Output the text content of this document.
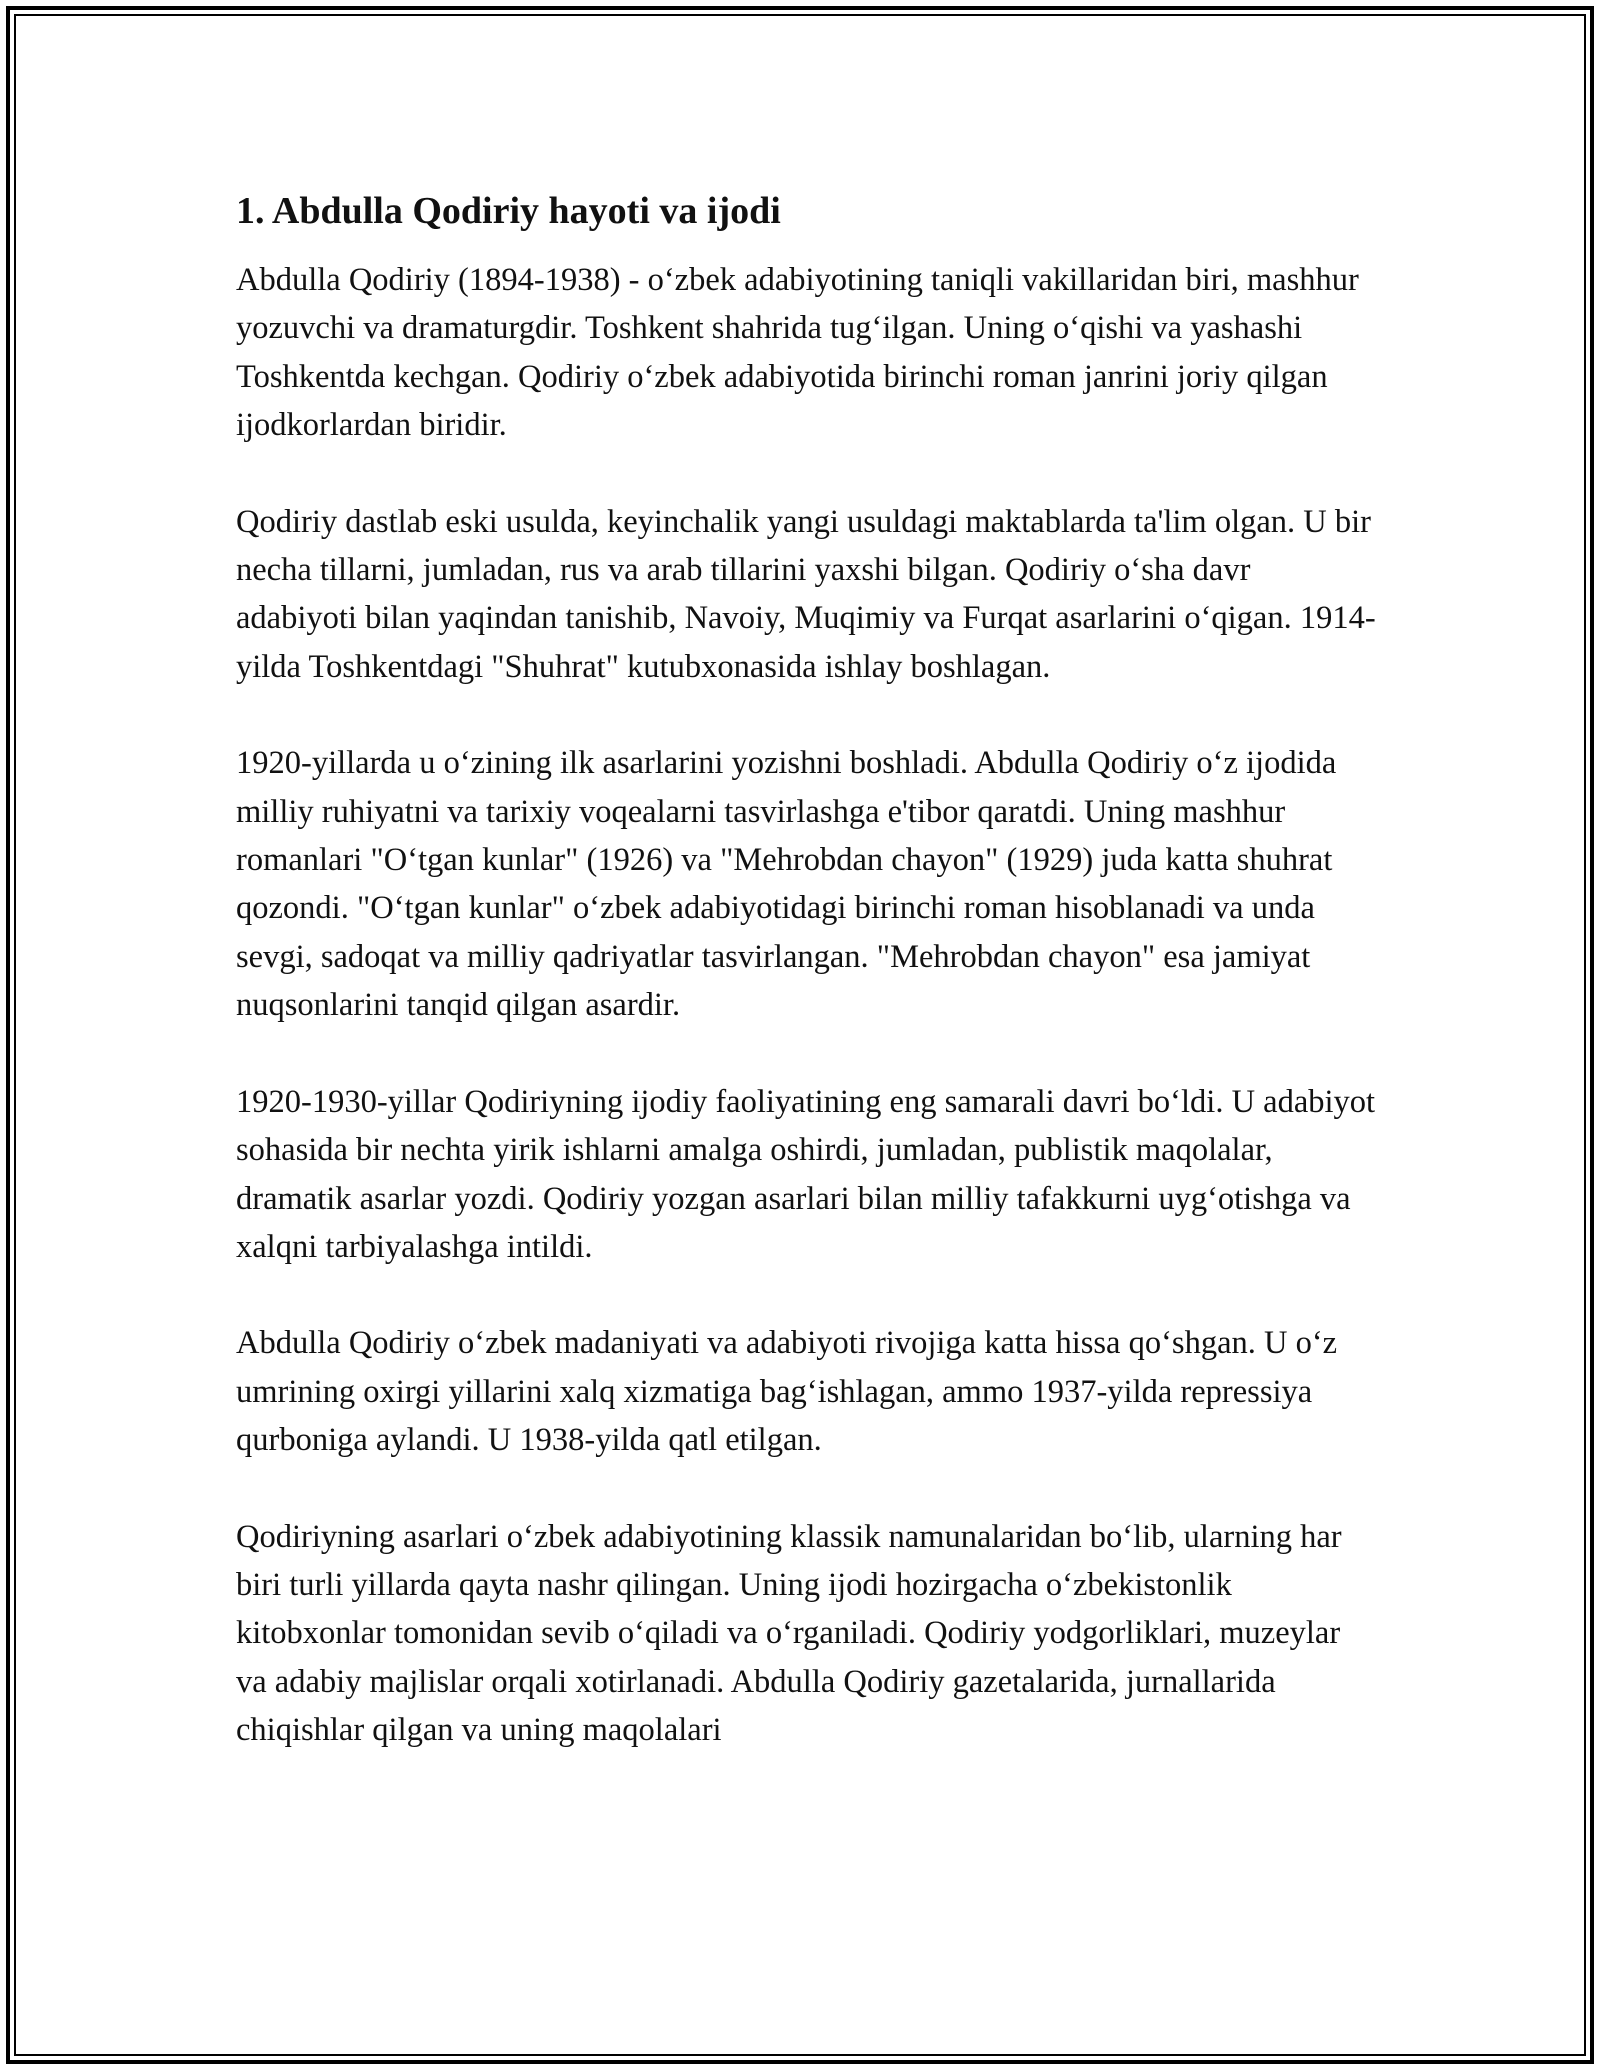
1. Abdulla Qodiriy hayoti va ijodi

Abdulla Qodiriy (1894-1938) - o‘zbek adabiyotining taniqli vakillaridan biri, mashhur yozuvchi va dramaturgdir. Toshkent shahrida tug‘ilgan. Uning o‘qishi va yashashi Toshkentda kechgan. Qodiriy o‘zbek adabiyotida birinchi roman janrini joriy qilgan ijodkorlardan biridir.

Qodiriy dastlab eski usulda, keyinchalik yangi usuldagi maktablarda ta'lim olgan. U bir necha tillarni, jumladan, rus va arab tillarini yaxshi bilgan. Qodiriy o‘sha davr adabiyoti bilan yaqindan tanishib, Navoiy, Muqimiy va Furqat asarlarini o‘qigan. 1914-yilda Toshkentdagi "Shuhrat" kutubxonasida ishlay boshlagan.

1920-yillarda u o‘zining ilk asarlarini yozishni boshladi. Abdulla Qodiriy o‘z ijodida milliy ruhiyatni va tarixiy voqealarni tasvirlashga e'tibor qaratdi. Uning mashhur romanlari "O‘tgan kunlar" (1926) va "Mehrobdan chayon" (1929) juda katta shuhrat qozondi. "O‘tgan kunlar" o‘zbek adabiyotidagi birinchi roman hisoblanadi va unda sevgi, sadoqat va milliy qadriyatlar tasvirlangan. "Mehrobdan chayon" esa jamiyat nuqsonlarini tanqid qilgan asardir.

1920-1930-yillar Qodiriyning ijodiy faoliyatining eng samarali davri bo‘ldi. U adabiyot sohasida bir nechta yirik ishlarni amalga oshirdi, jumladan, publistik maqolalar, dramatik asarlar yozdi. Qodiriy yozgan asarlari bilan milliy tafakkurni uyg‘otishga va xalqni tarbiyalashga intildi.

Abdulla Qodiriy o‘zbek madaniyati va adabiyoti rivojiga katta hissa qo‘shgan. U o‘z umrining oxirgi yillarini xalq xizmatiga bag‘ishlagan, ammo 1937-yilda repressiya qurboniga aylandi. U 1938-yilda qatl etilgan.

Qodiriyning asarlari o‘zbek adabiyotining klassik namunalaridan bo‘lib, ularning har biri turli yillarda qayta nashr qilingan. Uning ijodi hozirgacha o‘zbekistonlik kitobxonlar tomonidan sevib o‘qiladi va o‘rganiladi. Qodiriy yodgorliklari, muzeylar va adabiy majlislar orqali xotirlanadi. Abdulla Qodiriy gazetalarida, jurnallarida chiqishlar qilgan va uning maqolalari
